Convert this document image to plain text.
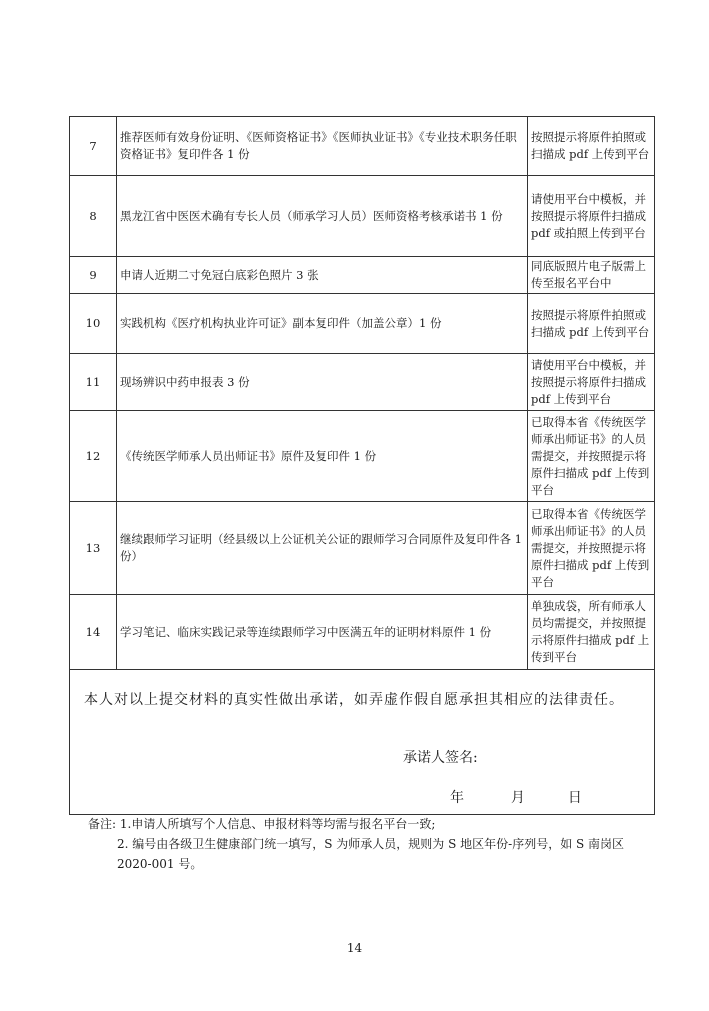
7	推荐医师有效身份证明、《医师资格证书》《医师执业证书》《专业技术职务任职资格证书》复印件各 1 份	按照提示将原件拍照或扫描成 pdf 上传到平台
8	黑龙江省中医医术确有专长人员（师承学习人员）医师资格考核承诺书 1 份	请使用平台中模板，并按照提示将原件扫描成 pdf 或拍照上传到平台
9	申请人近期二寸免冠白底彩色照片 3 张	同底版照片电子版需上传至报名平台中
10	实践机构《医疗机构执业许可证》副本复印件（加盖公章）1 份	按照提示将原件拍照或扫描成 pdf 上传到平台
11	现场辨识中药申报表 3 份	请使用平台中模板，并按照提示将原件扫描成 pdf 上传到平台
12	《传统医学师承人员出师证书》原件及复印件 1 份	已取得本省《传统医学师承出师证书》的人员需提交，并按照提示将原件扫描成 pdf 上传到平台
13	继续跟师学习证明（经县级以上公证机关公证的跟师学习合同原件及复印件各 1 份）	已取得本省《传统医学师承出师证书》的人员需提交，并按照提示将原件扫描成 pdf 上传到平台
14	学习笔记、临床实践记录等连续跟师学习中医满五年的证明材料原件 1 份	单独成袋，所有师承人员均需提交，并按照提示将原件扫描成 pdf 上传到平台

本人对以上提交材料的真实性做出承诺，如弄虚作假自愿承担其相应的法律责任。
承诺人签名:
年 月 日		
备注: 1.申请人所填写个人信息、申报材料等均需与报名平台一致;
2. 编号由各级卫生健康部门统一填写，S 为师承人员，规则为 S 地区年份-序列号，如 S 南岗区 2020-001 号。
14
